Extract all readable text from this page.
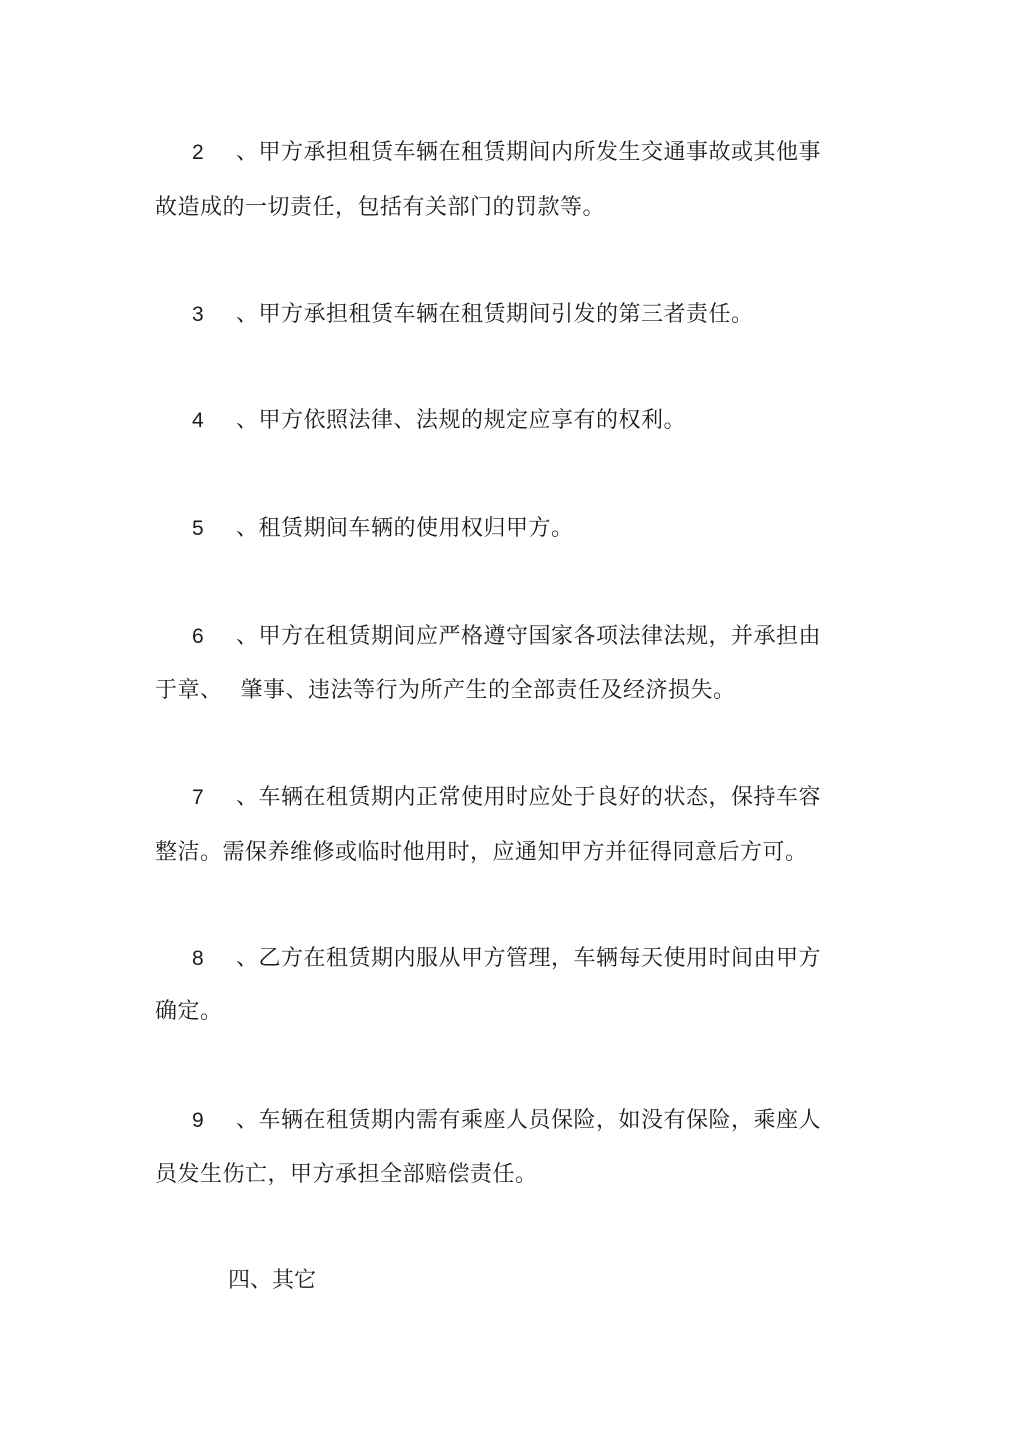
2 、甲方承担租赁车辆在租赁期间内所发生交通事故或其他事
故造成的一切责任，包括有关部门的罚款等。
3 、甲方承担租赁车辆在租赁期间引发的第三者责任。
4 、甲方依照法律、法规的规定应享有的权利。
5 、租赁期间车辆的使用权归甲方。
6 、甲方在租赁期间应严格遵守国家各项法律法规，并承担由
于章、 肇事、违法等行为所产生的全部责任及经济损失。
7 、车辆在租赁期内正常使用时应处于良好的状态，保持车容
整洁。需保养维修或临时他用时，应通知甲方并征得同意后方可。
8 、乙方在租赁期内服从甲方管理，车辆每天使用时间由甲方
确定。
9 、车辆在租赁期内需有乘座人员保险，如没有保险，乘座人
员发生伤亡，甲方承担全部赔偿责任。
四、其它
